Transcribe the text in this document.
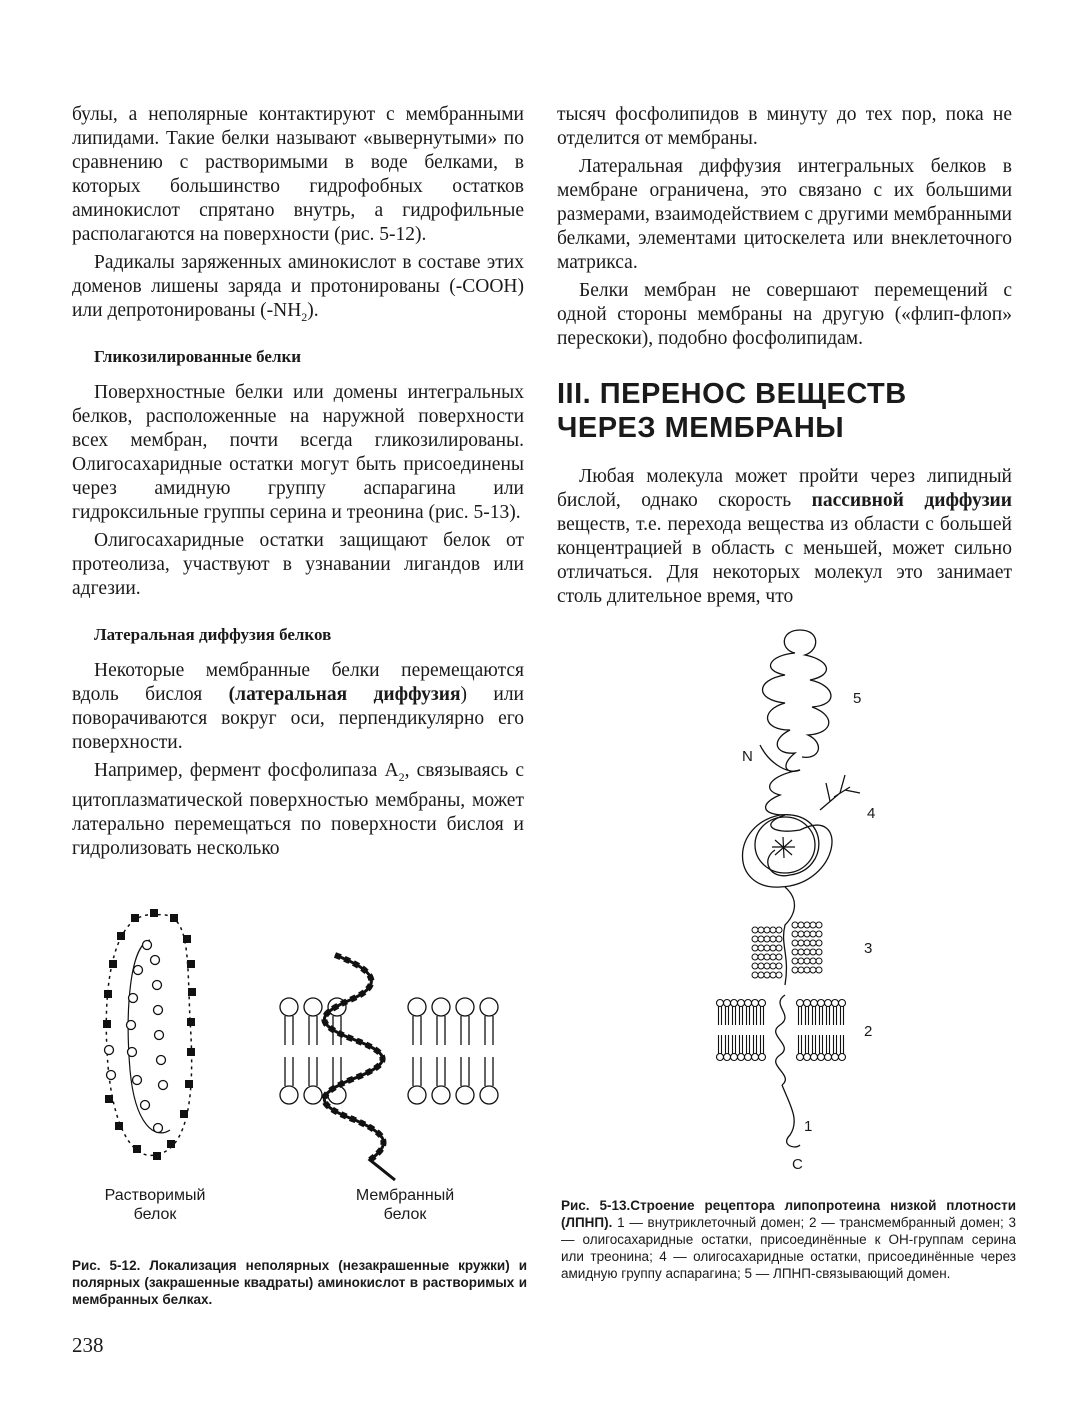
булы, а неполярные контактируют с мембранными липидами. Такие белки называют «вывернутыми» по сравнению с растворимыми в воде белками, в которых большинство гидрофобных остатков аминокислот спрятано внутрь, а гидрофильные располагаются на поверхности (рис. 5-12).

Радикалы заряженных аминокислот в составе этих доменов лишены заряда и протонированы (-СООН) или депротонированы $(-NH_2)$.

Гликозилированные белки

Поверхностные белки или домены интегральных белков, расположенные на наружной поверхности всех мембран, почти всегда гликозилированы. Олигосахаридные остатки могут быть присоединены через амидную группу аспарагина или гидроксильные группы серина и треонина (рис. 5-13).

Олигосахаридные остатки защищают белок от протеолиза, участвуют в узнавании лигандов или адгезии.

Латеральная диффузия белков

Некоторые мембранные белки перемещаются вдоль бислоя (латеральная диффузия) или поворачиваются вокруг оси, перпендикулярно его поверхности.

Например, фермент фосфолипаза $А_2$, связываясь с цитоплазматической поверхностью мембраны, может латерально перемещаться по поверхности бислоя и гидролизовать несколько

тысяч фосфолипидов в минуту до тех пор, пока не отделится от мембраны.

Латеральная диффузия интегральных белков в мембране ограничена, это связано с их большими размерами, взаимодействием с другими мембранными белками, элементами цитоскелета или внеклеточного матрикса.

Белки мембран не совершают перемещений с одной стороны мембраны на другую («флип-флоп» перескоки), подобно фосфолипидам.

III. ПЕРЕНОС ВЕЩЕСТВ
ЧЕРЕЗ МЕМБРАНЫ

Любая молекула может пройти через липидный бислой, однако скорость пассивной диффузии веществ, т.е. перехода вещества из области с большей концентрацией в область с меньшей, может сильно отличаться. Для некоторых молекул это занимает столь длительное время, что

Растворимый
белок
Мембранный
белок
Рис. 5-12. Локализация неполярных (незакрашенные кружки) и полярных (закрашенные квадраты) аминокислот в растворимых и мембранных белках.
N
C
1
2
3
4
5
Рис. 5-13.Строение рецептора липопротеина низкой плотности (ЛПНП). 1 — внутриклеточный домен; 2 — трансмембранный домен; 3 — олигосахаридные остатки, присоединённые к ОН-группам серина или треонина; 4 — олигосахаридные остатки, присоединённые через амидную группу аспарагина; 5 — ЛПНП-связывающий домен.
238
